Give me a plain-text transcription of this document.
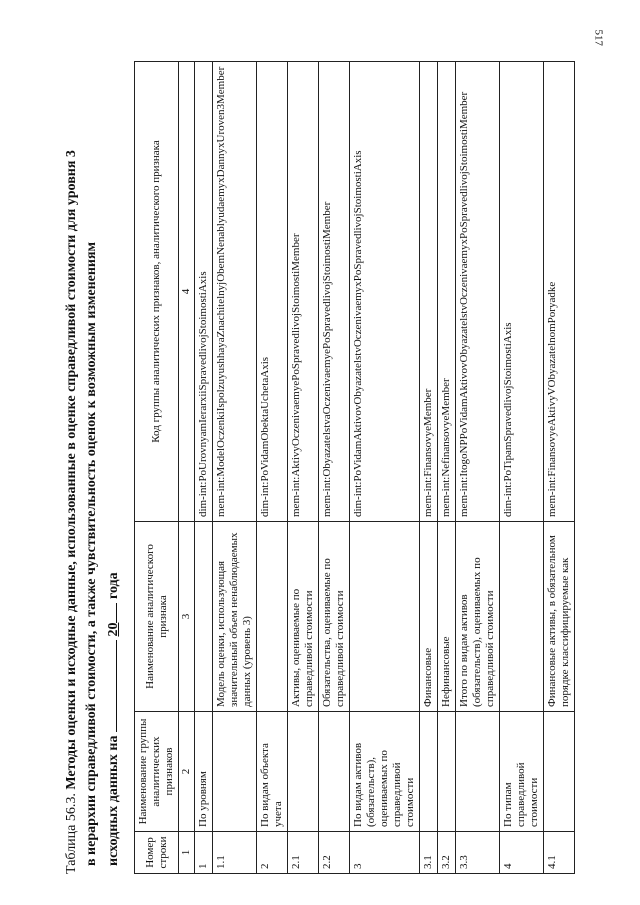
517
Таблица 56.3. Методы оценки и исходные данные, использованные в оценке справедливой стоимости для уровня 3 в иерархии справедливой стоимости, а также чувствительность оценок к возможным изменениям исходных данных на  20 года
Номер строки	Наименование группы аналитических признаков	Наименование аналитического признака	Код группы аналитических признаков, аналитического признака
1	2	3	4
1	По уровням		dim-int:PoUrovnyamIerarxiiSpravedlivojStoimostiAxis
1.1		Модель оценки, использующая значительный объем ненаблюдаемых данных (уровень 3)	mem-int:ModelOczenkiIspolzuyushhayaZnachitelnyjObemNenablyudaemyxDannyxUroven3Member
2	По видам объекта учета		dim-int:PoVidamObektaUchetaAxis
2.1		Активы, оцениваемые по справедливой стоимости	mem-int:AktivyOczenivaemyePoSpravedlivojStoimostiMember
2.2		Обязательства, оцениваемые по справедливой стоимости	mem-int:ObyazatelstvaOczenivaemyePoSpravedlivojStoimostiMember
3	По видам активов (обязательств), оцениваемых по справедливой стоимости		dim-int:PoVidamAktivovObyazatelstvOczenivaemyxPoSpravedlivojStoimostiAxis
3.1		Финансовые	mem-int:FinansovyeMember
3.2		Нефинансовые	mem-int:NefinansovyeMember
3.3		Итого по видам активов (обязательств), оцениваемых по справедливой стоимости	mem-int:ItogoNPPoVidamAktivovObyazatelstvOczenivaemyxPoSpravedlivojStoimostiMember
4	По типам справедливой стоимости		dim-int:PoTipamSpravedlivojStoimostiAxis
4.1		Финансовые активы, в обязательном порядке классифицируемые как	mem-int:FinansovyeAktivyVObyazatelnomPoryadke
